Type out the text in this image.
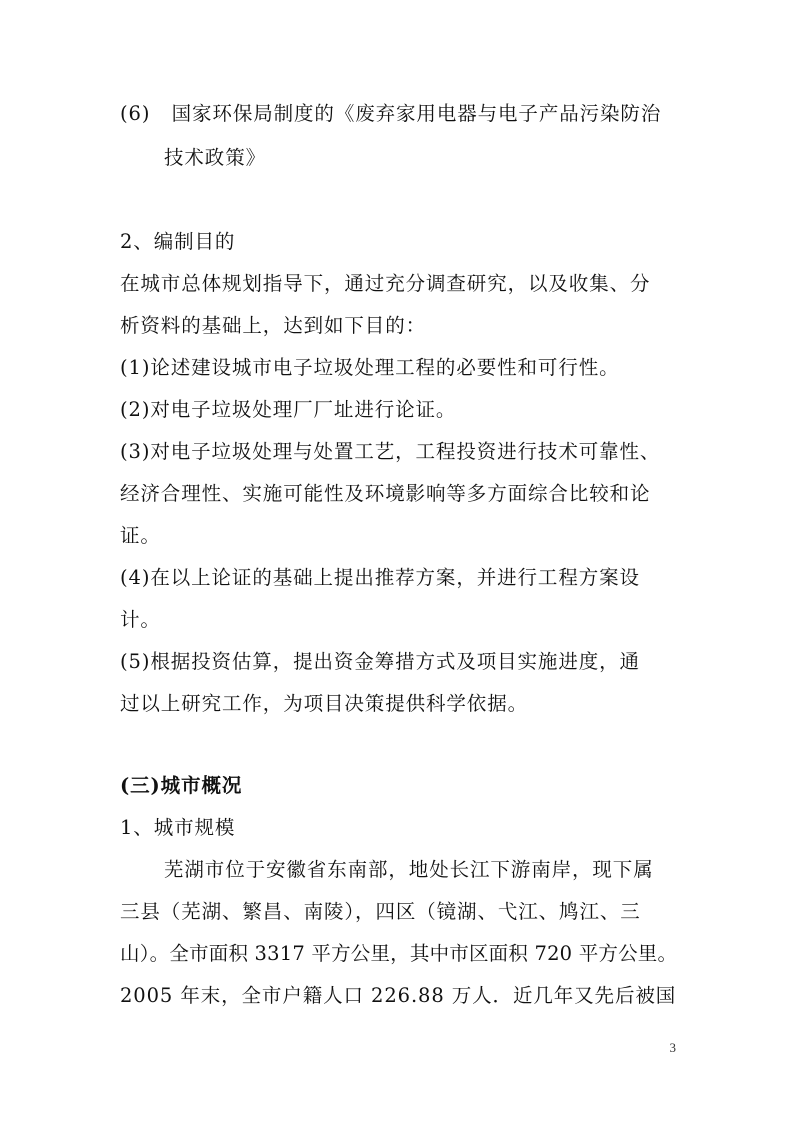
(6) 国家环保局制度的《废弃家用电器与电子产品污染防治
技术政策》
2、编制目的
在城市总体规划指导下，通过充分调查研究，以及收集、分
析资料的基础上，达到如下目的：
(1)论述建设城市电子垃圾处理工程的必要性和可行性。
(2)对电子垃圾处理厂厂址进行论证。
(3)对电子垃圾处理与处置工艺，工程投资进行技术可靠性、
经济合理性、实施可能性及环境影响等多方面综合比较和论
证。
(4)在以上论证的基础上提出推荐方案，并进行工程方案设
计。
(5)根据投资估算，提出资金筹措方式及项目实施进度，通
过以上研究工作，为项目决策提供科学依据。
(三)城市概况
1、城市规模
芜湖市位于安徽省东南部，地处长江下游南岸，现下属
三县（芜湖、繁昌、南陵），四区（镜湖、弋江、鸠江、三
山）。全市面积 3317 平方公里，其中市区面积 720 平方公里。
2005 年末，全市户籍人口 226.88 万人．近几年又先后被国
3
